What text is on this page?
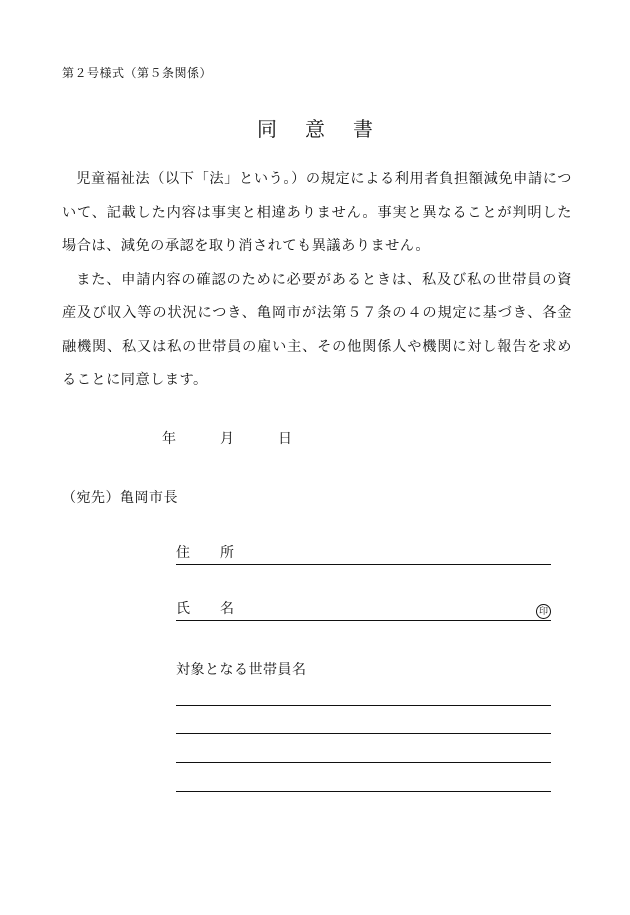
第２号様式（第５条関係）
同意書

児童福祉法（以下「法」という。）の規定による利用者負担額減免申請について、記載した内容は事実と相違ありません。事実と異なることが判明した場合は、減免の承認を取り消されても異議ありません。

また、申請内容の確認のために必要があるときは、私及び私の世帯員の資産及び収入等の状況につき、亀岡市が法第５７条の４の規定に基づき、各金融機関、私又は私の世帯員の雇い主、その他関係人や機関に対し報告を求めることに同意します。

年	月	日
（宛先）亀岡市長
住所
氏名	印
対象となる世帯員名
